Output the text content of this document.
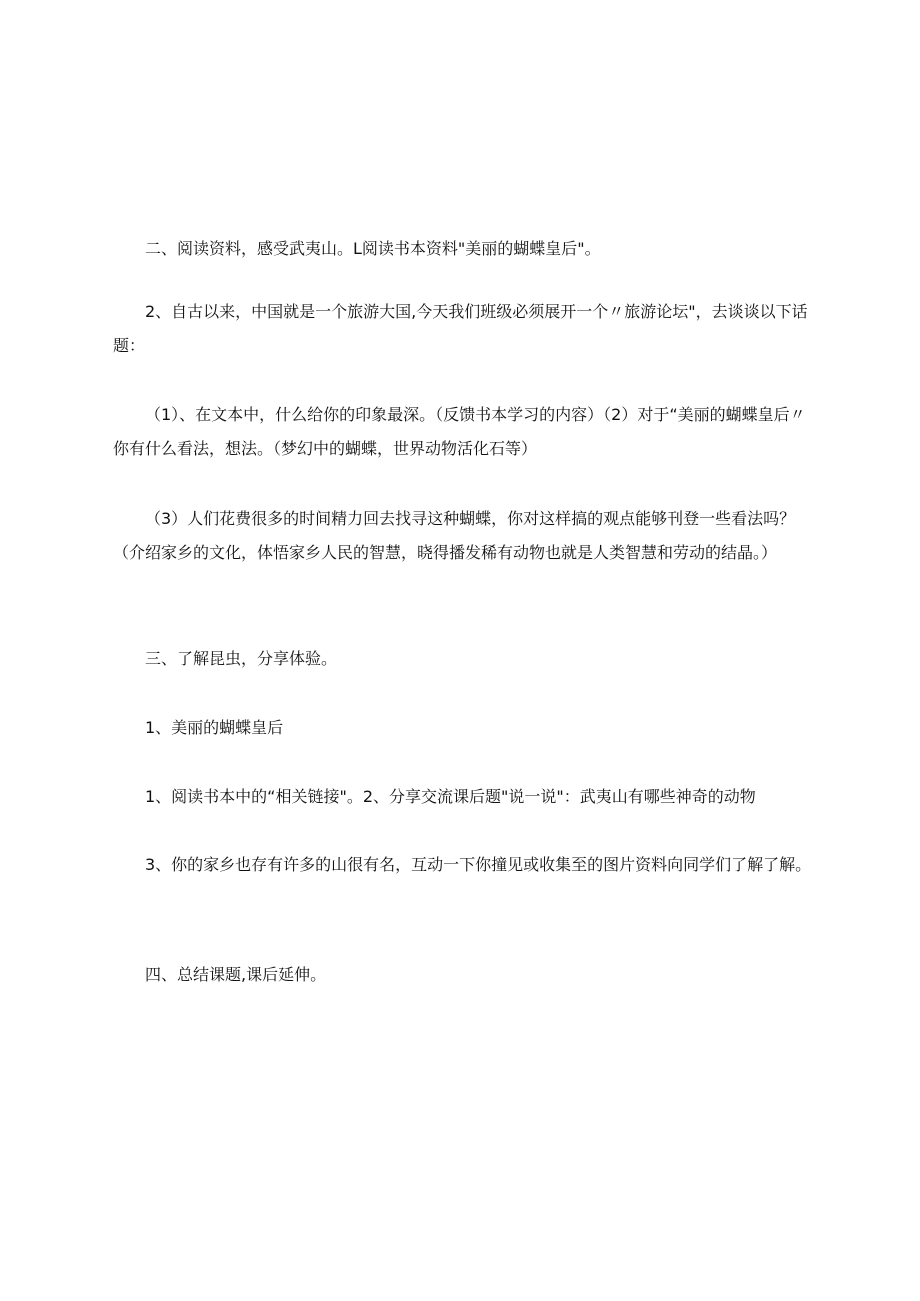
二、阅读资料，感受武夷山。L阅读书本资料"美丽的蝴蝶皇后"。

2、自古以来，中国就是一个旅游大国,今天我们班级必须展开一个〃旅游论坛"，去谈谈以下话题：

（1）、在文本中，什么给你的印象最深。（反馈书本学习的内容）（2）对于“美丽的蝴蝶皇后〃你有什么看法，想法。（梦幻中的蝴蝶，世界动物活化石等）

（3）人们花费很多的时间精力回去找寻这种蝴蝶，你对这样搞的观点能够刊登一些看法吗？（介绍家乡的文化，体悟家乡人民的智慧，晓得播发稀有动物也就是人类智慧和劳动的结晶。）

三、了解昆虫，分享体验。

1、美丽的蝴蝶皇后

1、阅读书本中的“相关链接"。2、分享交流课后题"说一说"：武夷山有哪些神奇的动物

3、你的家乡也存有许多的山很有名，互动一下你撞见或收集至的图片资料向同学们了解了解。

四、总结课题,课后延伸。
